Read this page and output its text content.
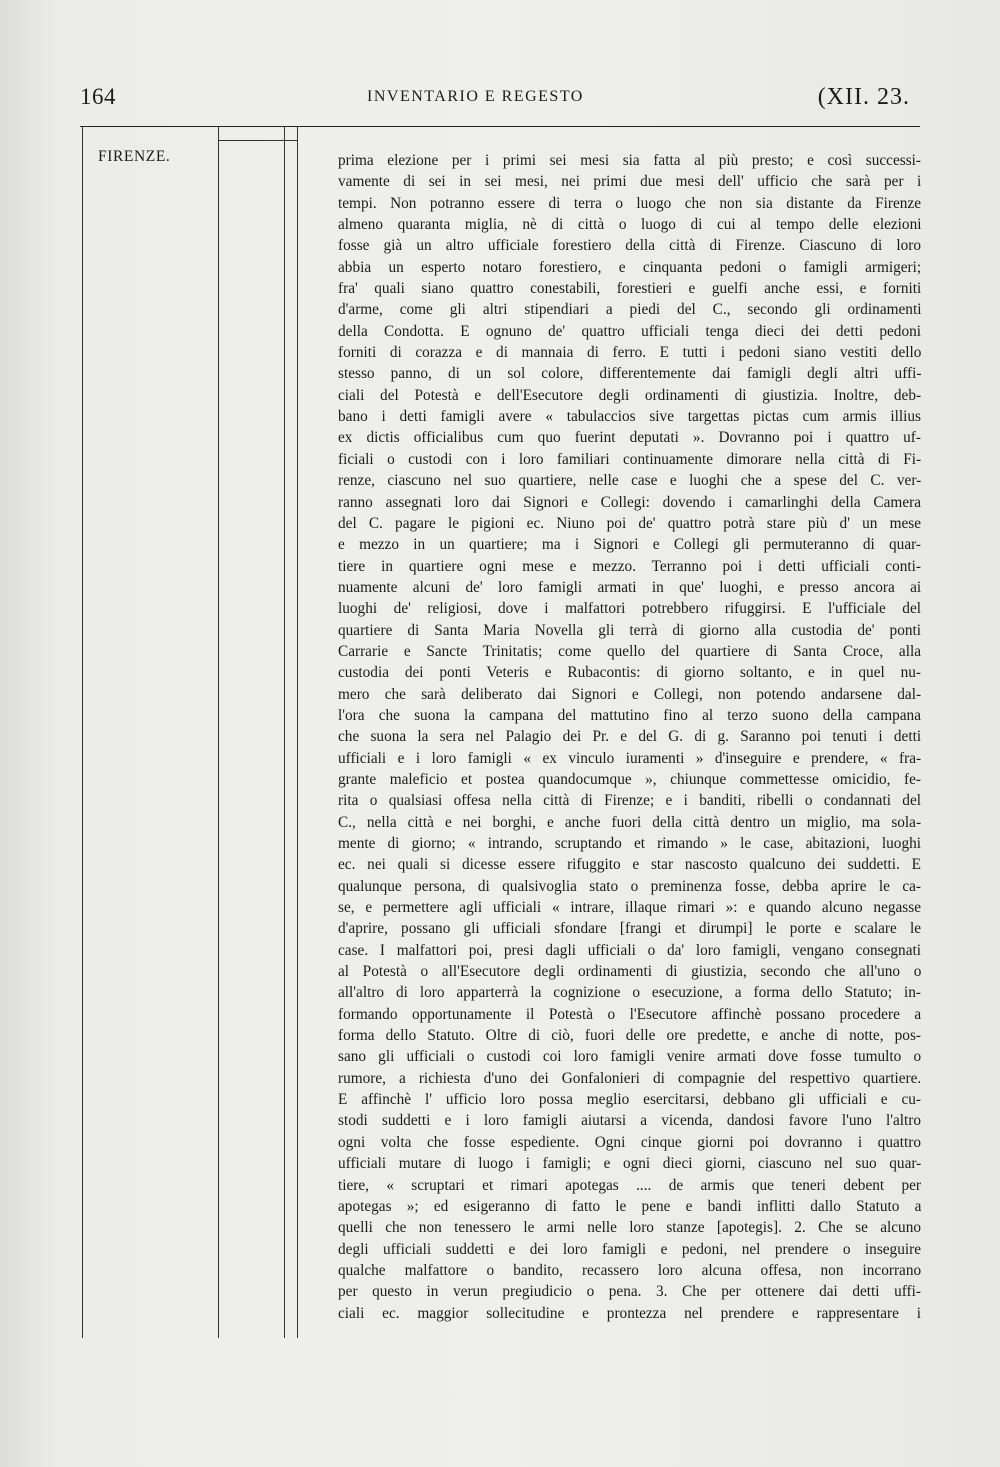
164	INVENTARIO E REGESTO	(XII. 23.
FIRENZE.	prima elezione per i primi sei mesi sia fatta al più presto; e così successi-
vamente di sei in sei mesi, nei primi due mesi dell' ufficio che sarà per i
tempi. Non potranno essere di terra o luogo che non sia distante da Firenze
almeno quaranta miglia, nè di città o luogo di cui al tempo delle elezioni
fosse già un altro ufficiale forestiero della città di Firenze. Ciascuno di loro
abbia un esperto notaro forestiero, e cinquanta pedoni o famigli armigeri;
fra' quali siano quattro conestabili, forestieri e guelfi anche essi, e forniti
d'arme, come gli altri stipendiari a piedi del C., secondo gli ordinamenti
della Condotta. E ognuno de' quattro ufficiali tenga dieci dei detti pedoni
forniti di corazza e di mannaia di ferro. E tutti i pedoni siano vestiti dello
stesso panno, di un sol colore, differentemente dai famigli degli altri uffi-
ciali del Potestà e dell'Esecutore degli ordinamenti di giustizia. Inoltre, deb-
bano i detti famigli avere « tabulaccios sive targettas pictas cum armis illius
ex dictis officialibus cum quo fuerint deputati ». Dovranno poi i quattro uf-
ficiali o custodi con i loro familiari continuamente dimorare nella città di Fi-
renze, ciascuno nel suo quartiere, nelle case e luoghi che a spese del C. ver-
ranno assegnati loro dai Signori e Collegi: dovendo i camarlinghi della Camera
del C. pagare le pigioni ec. Niuno poi de' quattro potrà stare più d' un mese
e mezzo in un quartiere; ma i Signori e Collegi gli permuteranno di quar-
tiere in quartiere ogni mese e mezzo. Terranno poi i detti ufficiali conti-
nuamente alcuni de' loro famigli armati in que' luoghi, e presso ancora ai
luoghi de' religiosi, dove i malfattori potrebbero rifuggirsi. E l'ufficiale del
quartiere di Santa Maria Novella gli terrà di giorno alla custodia de' ponti
Carrarie e Sancte Trinitatis; come quello del quartiere di Santa Croce, alla
custodia dei ponti Veteris e Rubacontis: di giorno soltanto, e in quel nu-
mero che sarà deliberato dai Signori e Collegi, non potendo andarsene dal-
l'ora che suona la campana del mattutino fino al terzo suono della campana
che suona la sera nel Palagio dei Pr. e del G. di g. Saranno poi tenuti i detti
ufficiali e i loro famigli « ex vinculo iuramenti » d'inseguire e prendere, « fra-
grante maleficio et postea quandocumque », chiunque commettesse omicidio, fe-
rita o qualsiasi offesa nella città di Firenze; e i banditi, ribelli o condannati del
C., nella città e nei borghi, e anche fuori della città dentro un miglio, ma sola-
mente di giorno; « intrando, scruptando et rimando » le case, abitazioni, luoghi
ec. nei quali si dicesse essere rifuggito e star nascosto qualcuno dei suddetti. E
qualunque persona, di qualsivoglia stato o preminenza fosse, debba aprire le ca-
se, e permettere agli ufficiali « intrare, illaque rimari »: e quando alcuno negasse
d'aprire, possano gli ufficiali sfondare [frangi et dirumpi] le porte e scalare le
case. I malfattori poi, presi dagli ufficiali o da' loro famigli, vengano consegnati
al Potestà o all'Esecutore degli ordinamenti di giustizia, secondo che all'uno o
all'altro di loro apparterrà la cognizione o esecuzione, a forma dello Statuto; in-
formando opportunamente il Potestà o l'Esecutore affinchè possano procedere a
forma dello Statuto. Oltre di ciò, fuori delle ore predette, e anche di notte, pos-
sano gli ufficiali o custodi coi loro famigli venire armati dove fosse tumulto o
rumore, a richiesta d'uno dei Gonfalonieri di compagnie del respettivo quartiere.
E affinchè l' ufficio loro possa meglio esercitarsi, debbano gli ufficiali e cu-
stodi suddetti e i loro famigli aiutarsi a vicenda, dandosi favore l'uno l'altro
ogni volta che fosse espediente. Ogni cinque giorni poi dovranno i quattro
ufficiali mutare di luogo i famigli; e ogni dieci giorni, ciascuno nel suo quar-
tiere, « scruptari et rimari apotegas .... de armis que teneri debent per
apotegas »; ed esigeranno di fatto le pene e bandi inflitti dallo Statuto a
quelli che non tenessero le armi nelle loro stanze [apotegis]. 2. Che se alcuno
degli ufficiali suddetti e dei loro famigli e pedoni, nel prendere o inseguire
qualche malfattore o bandito, recassero loro alcuna offesa, non incorrano
per questo in verun pregiudicio o pena. 3. Che per ottenere dai detti uffi-
ciali ec. maggior sollecitudine e prontezza nel prendere e rappresentare i
